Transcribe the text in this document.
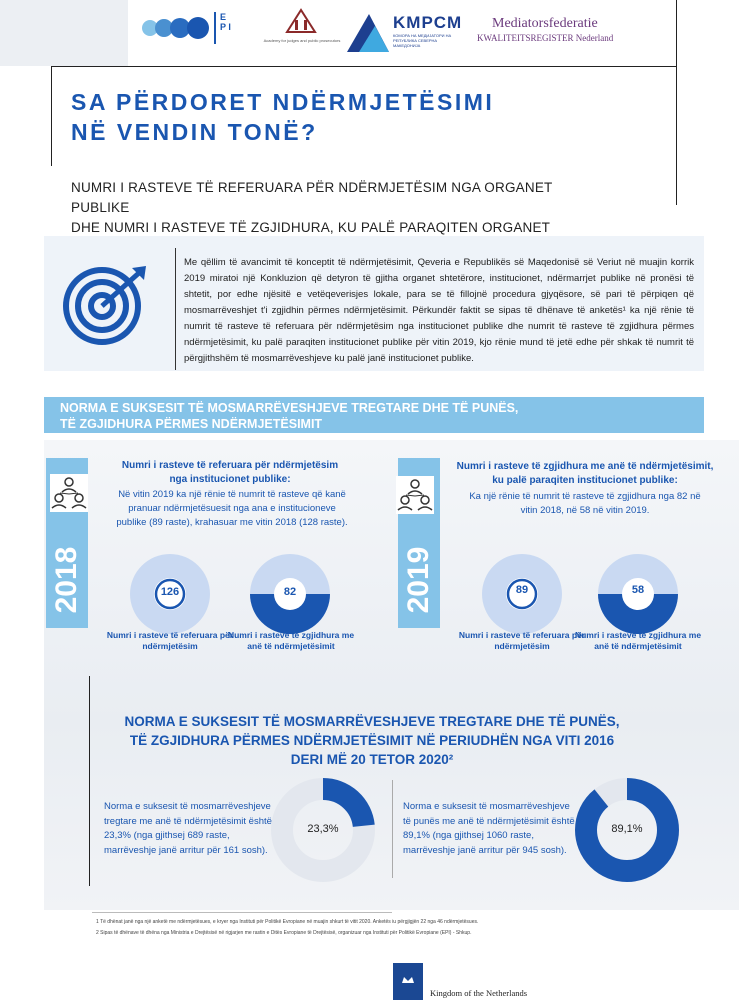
E P I
Academy for judges and public prosecutors
KMPCM
КОМОРА НА МЕДИЈАТОРИ НА РЕПУБЛИКА СЕВЕРНА МАКЕДОНИЈА
Mediatorsfederatie
KWALITEITSREGISTER Nederland
SA PËRDORET NDËRMJETËSIMI
NË VENDIN TONË?
NUMRI I RASTEVE TË REFERUARA PËR NDËRMJETËSIM NGA ORGANET PUBLIKE
DHE NUMRI I RASTEVE TË ZGJIDHURA, KU PALË PARAQITEN ORGANET
Me qëllim të avancimit të konceptit të ndërmjetësimit, Qeveria e Republikës së Maqedonisë së Veriut në muajin korrik 2019 miratoi një Konkluzion që detyron të gjitha organet shtetërore, institucionet, ndërmarrjet publike në pronësi të shtetit, por edhe njësitë e vetëqeverisjes lokale, para se të fillojnë procedura gjyqësore, së pari të përpiqen që mosmarrëveshjet t'i zgjidhin përmes ndërmjetësimit. Përkundër faktit se sipas të dhënave të anketës¹ ka një rënie të numrit të rasteve të referuara për ndërmjetësim nga institucionet publike dhe numrit të rasteve të zgjidhura përmes ndërmjetësimit, ku palë paraqiten institucionet publike për vitin 2019, kjo rënie mund të jetë edhe për shkak të numrit të përgjithshëm të mosmarrëveshjeve ku palë janë institucionet publike.
NORMA E SUKSESIT TË MOSMARRËVESHJEVE TREGTARE DHE TË PUNËS,
TË ZGJIDHURA PËRMES NDËRMJETËSIMIT
2018
Numri i rasteve të referuara për ndërmjetësim nga institucionet publike:
Në vitin 2019 ka një rënie të numrit të rasteve që kanë pranuar ndërmjetësuesit nga ana e institucioneve publike (89 raste), krahasuar me vitin 2018 (128 raste).
126
Numri i rasteve të referuara për ndërmjetësim
82
Numri i rasteve të zgjidhura me anë të ndërmjetësimit
2019
Numri i rasteve të zgjidhura me anë të ndërmjetësimit, ku palë paraqiten institucionet publike:
Ka një rënie të numrit të rasteve të zgjidhura nga 82 në vitin 2018, në 58 në vitin 2019.
89
Numri i rasteve të referuara për ndërmjetësim
58
Numri i rasteve të zgjidhura me anë të ndërmjetësimit
NORMA E SUKSESIT TË MOSMARRËVESHJEVE TREGTARE DHE TË PUNËS, TË ZGJIDHURA PËRMES NDËRMJETËSIMIT NË PERIUDHËN NGA VITI 2016 DERI MË 20 TETOR 2020²
Norma e suksesit të mosmarrëveshjeve tregtare me anë të ndërmjetësimit është 23,3% (nga gjithsej 689 raste, marrëveshje janë arritur për 161 sosh).
23,3%
Norma e suksesit të mosmarrëveshjeve të punës me anë të ndërmjetësimit është 89,1% (nga gjithsej 1060 raste, marrëveshje janë arritur për 945 sosh).
89,1%
1 Të dhënat janë nga një anketë me ndërmjetësues, e kryer nga Instituti për Politikë Evropiane në muajin shkurt të vitit 2020. Anketës iu përgjigjën 22 nga 46 ndërmjetësues.
2 Sipas të dhënave të dhëna nga Ministria e Drejtësisë në rigjarjen me rastin e Ditës Evropiane të Drejtësisë, organizuar nga Instituti për Politikë Evropiane (EPI) - Shkup.
Kingdom of the Netherlands
